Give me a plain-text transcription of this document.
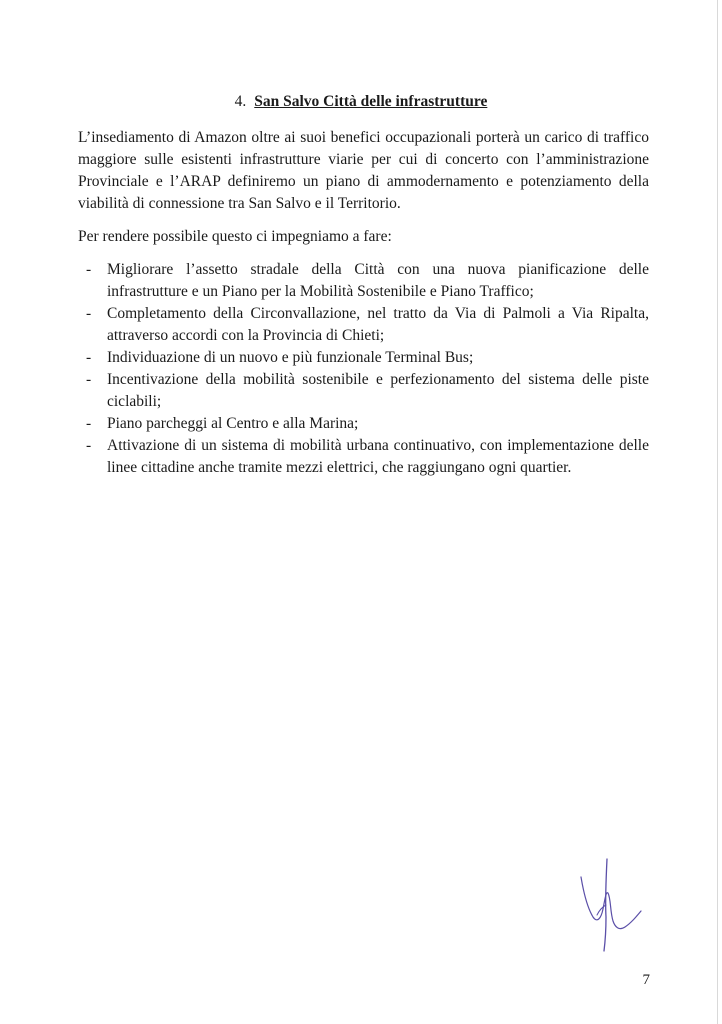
4. San Salvo Città delle infrastrutture

L’insediamento di Amazon oltre ai suoi benefici occupazionali porterà un carico di traffico maggiore sulle esistenti infrastrutture viarie per cui di concerto con l’amministrazione Provinciale e l’ARAP definiremo un piano di ammodernamento e potenziamento della viabilità di connessione tra San Salvo e il Territorio.

Per rendere possibile questo ci impegniamo a fare:

- Migliorare l’assetto stradale della Città con una nuova pianificazione delle infrastrutture e un Piano per la Mobilità Sostenibile e Piano Traffico;
- Completamento della Circonvallazione, nel tratto da Via di Palmoli a Via Ripalta, attraverso accordi con la Provincia di Chieti;
- Individuazione di un nuovo e più funzionale Terminal Bus;
- Incentivazione della mobilità sostenibile e perfezionamento del sistema delle piste ciclabili;
- Piano parcheggi al Centro e alla Marina;
- Attivazione di un sistema di mobilità urbana continuativo, con implementazione delle linee cittadine anche tramite mezzi elettrici, che raggiungano ogni quartier.
7
